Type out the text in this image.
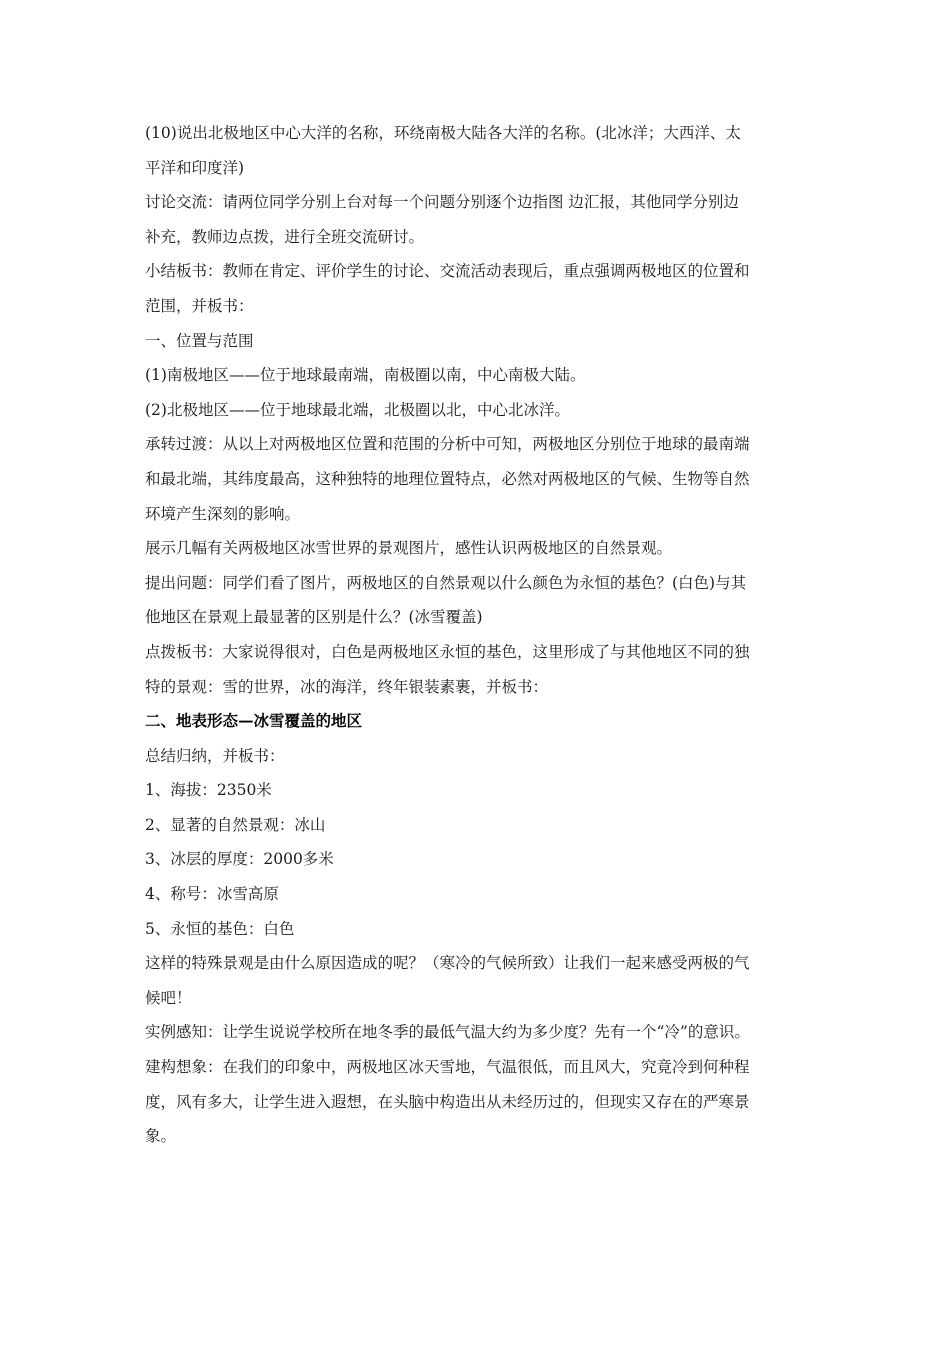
(10)说出北极地区中心大洋的名称，环绕南极大陆各大洋的名称。(北冰洋；大西洋、太
平洋和印度洋)
讨论交流：请两位同学分别上台对每一个问题分别逐个边指图 边汇报，其他同学分别边
补充，教师边点拨，进行全班交流研讨。
小结板书：教师在肯定、评价学生的讨论、交流活动表现后，重点强调两极地区的位置和
范围，并板书：
一、位置与范围
(1)南极地区——位于地球最南端，南极圈以南，中心南极大陆。
(2)北极地区——位于地球最北端，北极圈以北，中心北冰洋。
承转过渡：从以上对两极地区位置和范围的分析中可知，两极地区分别位于地球的最南端
和最北端，其纬度最高，这种独特的地理位置特点，必然对两极地区的气候、生物等自然
环境产生深刻的影响。
展示几幅有关两极地区冰雪世界的景观图片，感性认识两极地区的自然景观。
提出问题：同学们看了图片，两极地区的自然景观以什么颜色为永恒的基色？(白色)与其
他地区在景观上最显著的区别是什么？(冰雪覆盖)
点拨板书：大家说得很对，白色是两极地区永恒的基色，这里形成了与其他地区不同的独
特的景观：雪的世界，冰的海洋，终年银装素裹，并板书：
二、地表形态—冰雪覆盖的地区
总结归纳，并板书：
1、海拔：2350米
2、显著的自然景观：冰山
3、冰层的厚度：2000多米
4、称号：冰雪高原
5、永恒的基色：白色
这样的特殊景观是由什么原因造成的呢？（寒冷的气候所致）让我们一起来感受两极的气
候吧！
实例感知：让学生说说学校所在地冬季的最低气温大约为多少度？先有一个“冷”的意识。
建构想象：在我们的印象中，两极地区冰天雪地，气温很低，而且风大，究竟冷到何种程
度，风有多大，让学生进入遐想，在头脑中构造出从未经历过的，但现实又存在的严寒景
象。
